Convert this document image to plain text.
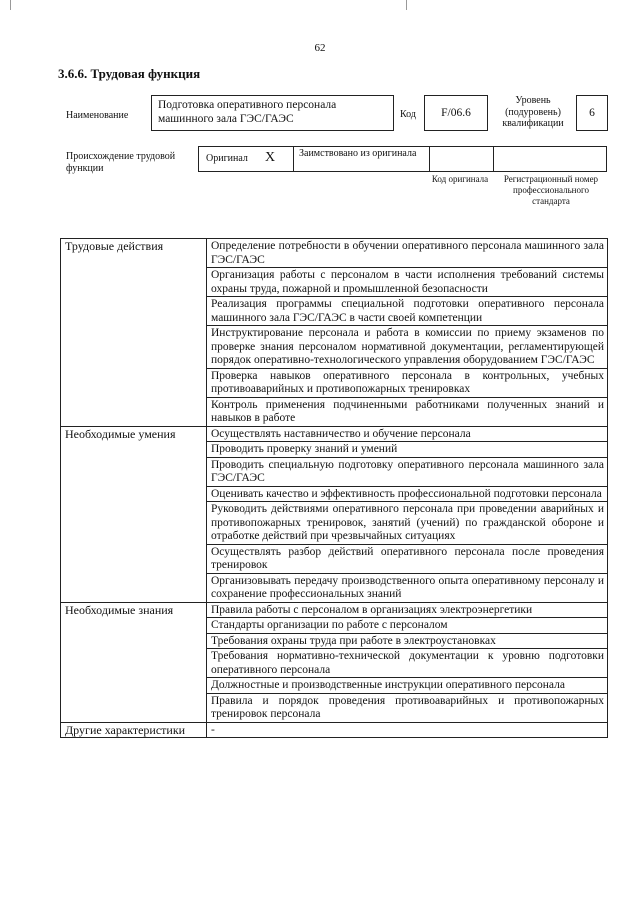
62
3.6.6. Трудовая функция
Наименование
Подготовка оперативного персонала машинного зала ГЭС/ГАЭС	Код	F/06.6
Уровень (подуровень) квалификации
6
Происхождение трудовой функции
Оригинал X Заимствовано из оригинала
Код оригинала	Регистрационный номер профессионального стандарта
Трудовые действия	Определение потребности в обучении оперативного персонала машинного зала ГЭС/ГАЭС
	Организация работы с персоналом в части исполнения требований системы охраны труда, пожарной и промышленной безопасности
	Реализация программы специальной подготовки оперативного персонала машинного зала ГЭС/ГАЭС в части своей компетенции
	Инструктирование персонала и работа в комиссии по приему экзаменов по проверке знания персоналом нормативной документации, регламентирующей порядок оперативно-технологического управления оборудованием ГЭС/ГАЭС
	Проверка навыков оперативного персонала в контрольных, учебных противоаварийных и противопожарных тренировках
	Контроль применения подчиненными работниками полученных знаний и навыков в работе
Необходимые умения	Осуществлять наставничество и обучение персонала
	Проводить проверку знаний и умений
	Проводить специальную подготовку оперативного персонала машинного зала ГЭС/ГАЭС
	Оценивать качество и эффективность профессиональной подготовки персонала
	Руководить действиями оперативного персонала при проведении аварийных и противопожарных тренировок, занятий (учений) по гражданской обороне и отработке действий при чрезвычайных ситуациях
	Осуществлять разбор действий оперативного персонала после проведения тренировок
	Организовывать передачу производственного опыта оперативному персоналу и сохранение профессиональных знаний
Необходимые знания	Правила работы с персоналом в организациях электроэнергетики
	Стандарты организации по работе с персоналом
	Требования охраны труда при работе в электроустановках
	Требования нормативно-технической документации к уровню подготовки оперативного персонала
	Должностные и производственные инструкции оперативного персонала
	Правила и порядок проведения противоаварийных и противопожарных тренировок персонала
Другие характеристики	-
